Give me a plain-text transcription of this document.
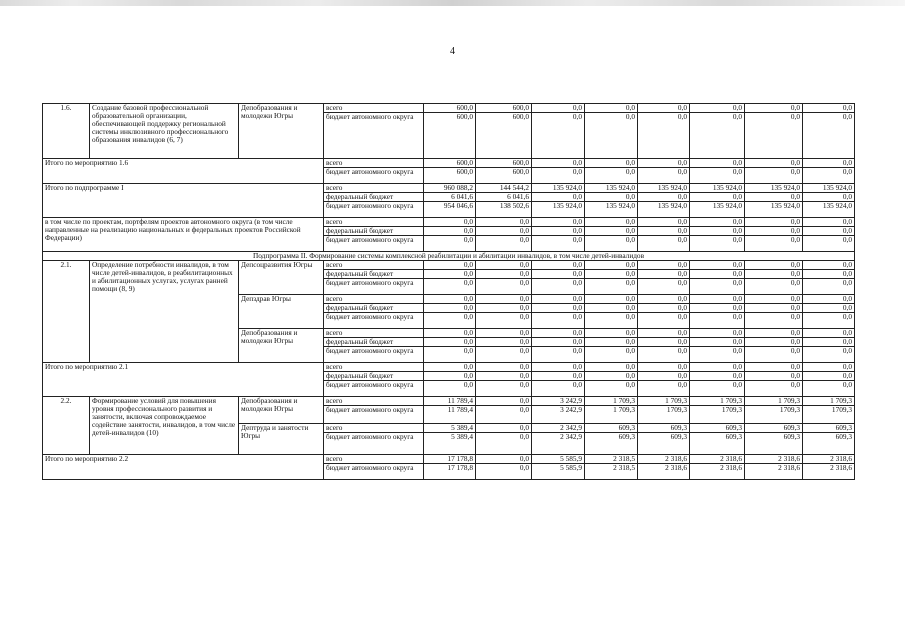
4
1.6.	Создание базовой профессиональной образовательной организации, обеспечивающей поддержку региональной системы инклюзивного профессионального образования инвалидов (6, 7)	Депобразования и молодежи Югры	всего	600,0	600,0	0,0	0,0	0,0	0,0	0,0	0,0
			бюджет автономного округа	600,0	600,0	0,0	0,0	0,0	0,0	0,0	0,0
Итого по мероприятию 1.6			всего	600,0	600,0	0,0	0,0	0,0	0,0	0,0	0,0
			бюджет автономного округа	600,0	600,0	0,0	0,0	0,0	0,0	0,0	0,0
Итого по подпрограмме I			всего	960 088,2	144 544,2	135 924,0	135 924,0	135 924,0	135 924,0	135 924,0	135 924,0
			федеральный бюджет	6 041,6	6 041,6	0,0	0,0	0,0	0,0	0,0	0,0
			бюджет автономного округа	954 046,6	138 502,6	135 924,0	135 924,0	135 924,0	135 924,0	135 924,0	135 924,0
в том числе по проектам, портфелям проектов автономного округа (в том числе направленные на реализацию национальных и федеральных проектов Российской Федерации)			всего	0,0	0,0	0,0	0,0	0,0	0,0	0,0	0,0
			федеральный бюджет	0,0	0,0	0,0	0,0	0,0	0,0	0,0	0,0
			бюджет автономного округа	0,0	0,0	0,0	0,0	0,0	0,0	0,0	0,0
Подпрограмма II. Формирование системы комплексной реабилитации и абилитации инвалидов, в том числе детей-инвалидов											
2.1.	Определение потребности инвалидов, в том числе детей-инвалидов, в реабилитационных и абилитационных услугах, услугах ранней помощи (8, 9)	Депсоцразвития Югры	всего	0,0	0,0	0,0	0,0	0,0	0,0	0,0	0,0
			федеральный бюджет	0,0	0,0	0,0	0,0	0,0	0,0	0,0	0,0
			бюджет автономного округа	0,0	0,0	0,0	0,0	0,0	0,0	0,0	0,0
		Депздрав Югры	всего	0,0	0,0	0,0	0,0	0,0	0,0	0,0	0,0
			федеральный бюджет	0,0	0,0	0,0	0,0	0,0	0,0	0,0	0,0
			бюджет автономного округа	0,0	0,0	0,0	0,0	0,0	0,0	0,0	0,0
		Депобразования и молодежи Югры	всего	0,0	0,0	0,0	0,0	0,0	0,0	0,0	0,0
			федеральный бюджет	0,0	0,0	0,0	0,0	0,0	0,0	0,0	0,0
			бюджет автономного округа	0,0	0,0	0,0	0,0	0,0	0,0	0,0	0,0
Итого по мероприятию 2.1			всего	0,0	0,0	0,0	0,0	0,0	0,0	0,0	0,0
			федеральный бюджет	0,0	0,0	0,0	0,0	0,0	0,0	0,0	0,0
			бюджет автономного округа	0,0	0,0	0,0	0,0	0,0	0,0	0,0	0,0
2.2.	Формирование условий для повышения уровня профессионального развития и занятости, включая сопровождаемое содействие занятости, инвалидов, в том числе детей-инвалидов (10)	Депобразования и молодежи Югры	всего	11 789,4	0,0	3 242,9	1 709,3	1 709,3	1 709,3	1 709,3	1 709,3
			бюджет автономного округа	11 789,4	0,0	3 242,9	1 709,3	1709,3	1709,3	1709,3	1709,3
		Дептруда и занятости Югры	всего	5 389,4	0,0	2 342,9	609,3	609,3	609,3	609,3	609,3
			бюджет автономного округа	5 389,4	0,0	2 342,9	609,3	609,3	609,3	609,3	609,3
Итого по мероприятию 2.2			всего	17 178,8	0,0	5 585,9	2 318,5	2 318,6	2 318,6	2 318,6	2 318,6
			бюджет автономного округа	17 178,8	0,0	5 585,9	2 318,5	2 318,6	2 318,6	2 318,6	2 318,6
